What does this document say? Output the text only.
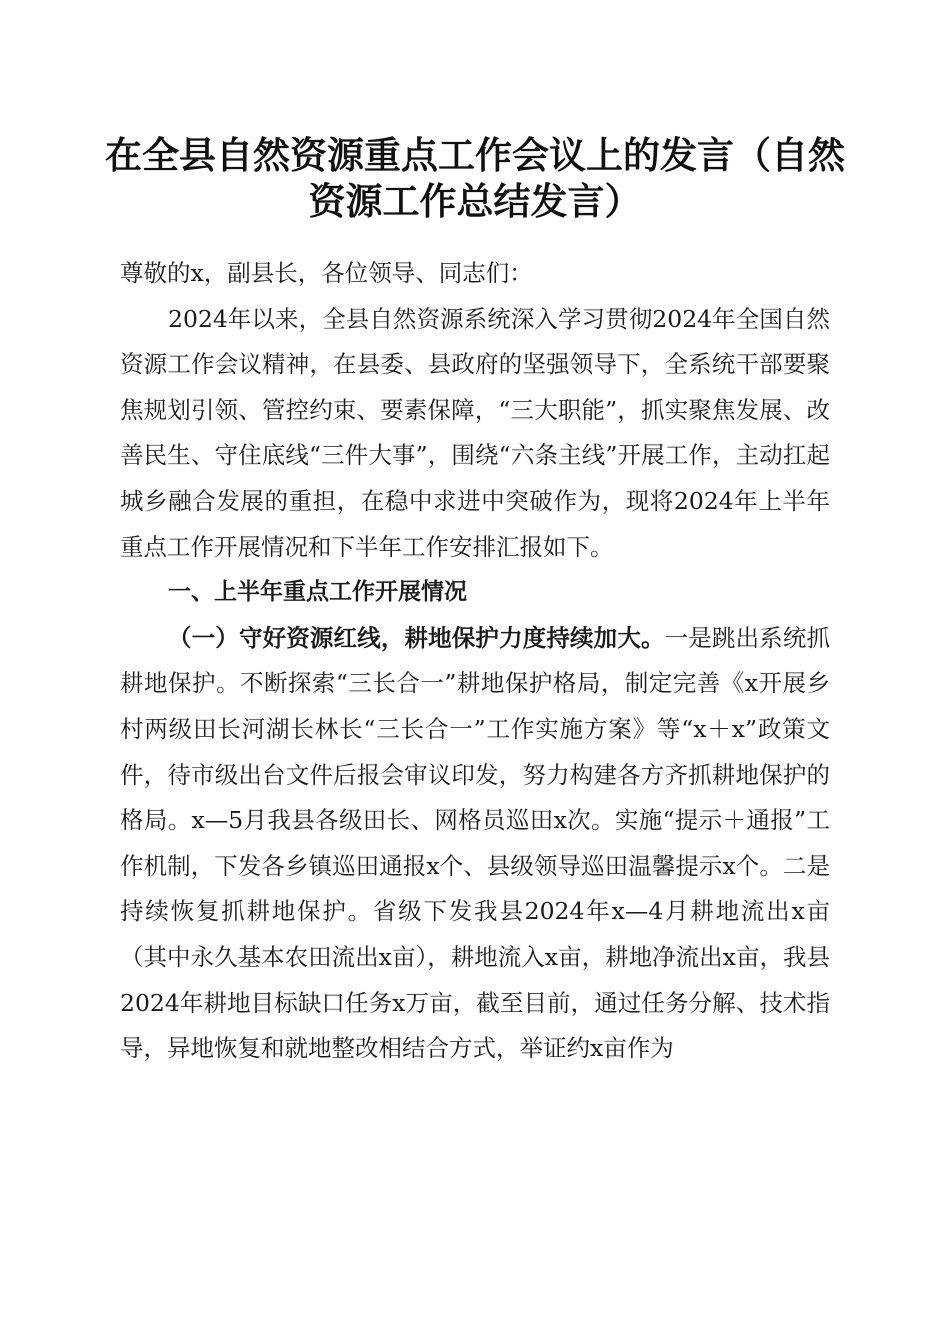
在全县自然资源重点工作会议上的发言（自然
资源工作总结发言）

尊敬的x，副县长，各位领导、同志们：

2024年以来，全县自然资源系统深入学习贯彻2024年全国自然资源工作会议精神，在县委、县政府的坚强领导下，全系统干部要聚焦规划引领、管控约束、要素保障，“三大职能”，抓实聚焦发展、改善民生、守住底线“三件大事”，围绕“六条主线”开展工作，主动扛起城乡融合发展的重担，在稳中求进中突破作为，现将2024年上半年重点工作开展情况和下半年工作安排汇报如下。

一、上半年重点工作开展情况

（一）守好资源红线，耕地保护力度持续加大。一是跳出系统抓耕地保护。不断探索“三长合一”耕地保护格局，制定完善《x开展乡村两级田长河湖长林长“三长合一”工作实施方案》等“x＋x”政策文件，待市级出台文件后报会审议印发，努力构建各方齐抓耕地保护的格局。x—5月我县各级田长、网格员巡田x次。实施“提示＋通报”工作机制，下发各乡镇巡田通报x个、县级领导巡田温馨提示x个。二是持续恢复抓耕地保护。省级下发我县2024年x—4月耕地流出x亩（其中永久基本农田流出x亩），耕地流入x亩，耕地净流出x亩，我县2024年耕地目标缺口任务x万亩，截至目前，通过任务分解、技术指导，异地恢复和就地整改相结合方式，举证约x亩作为
